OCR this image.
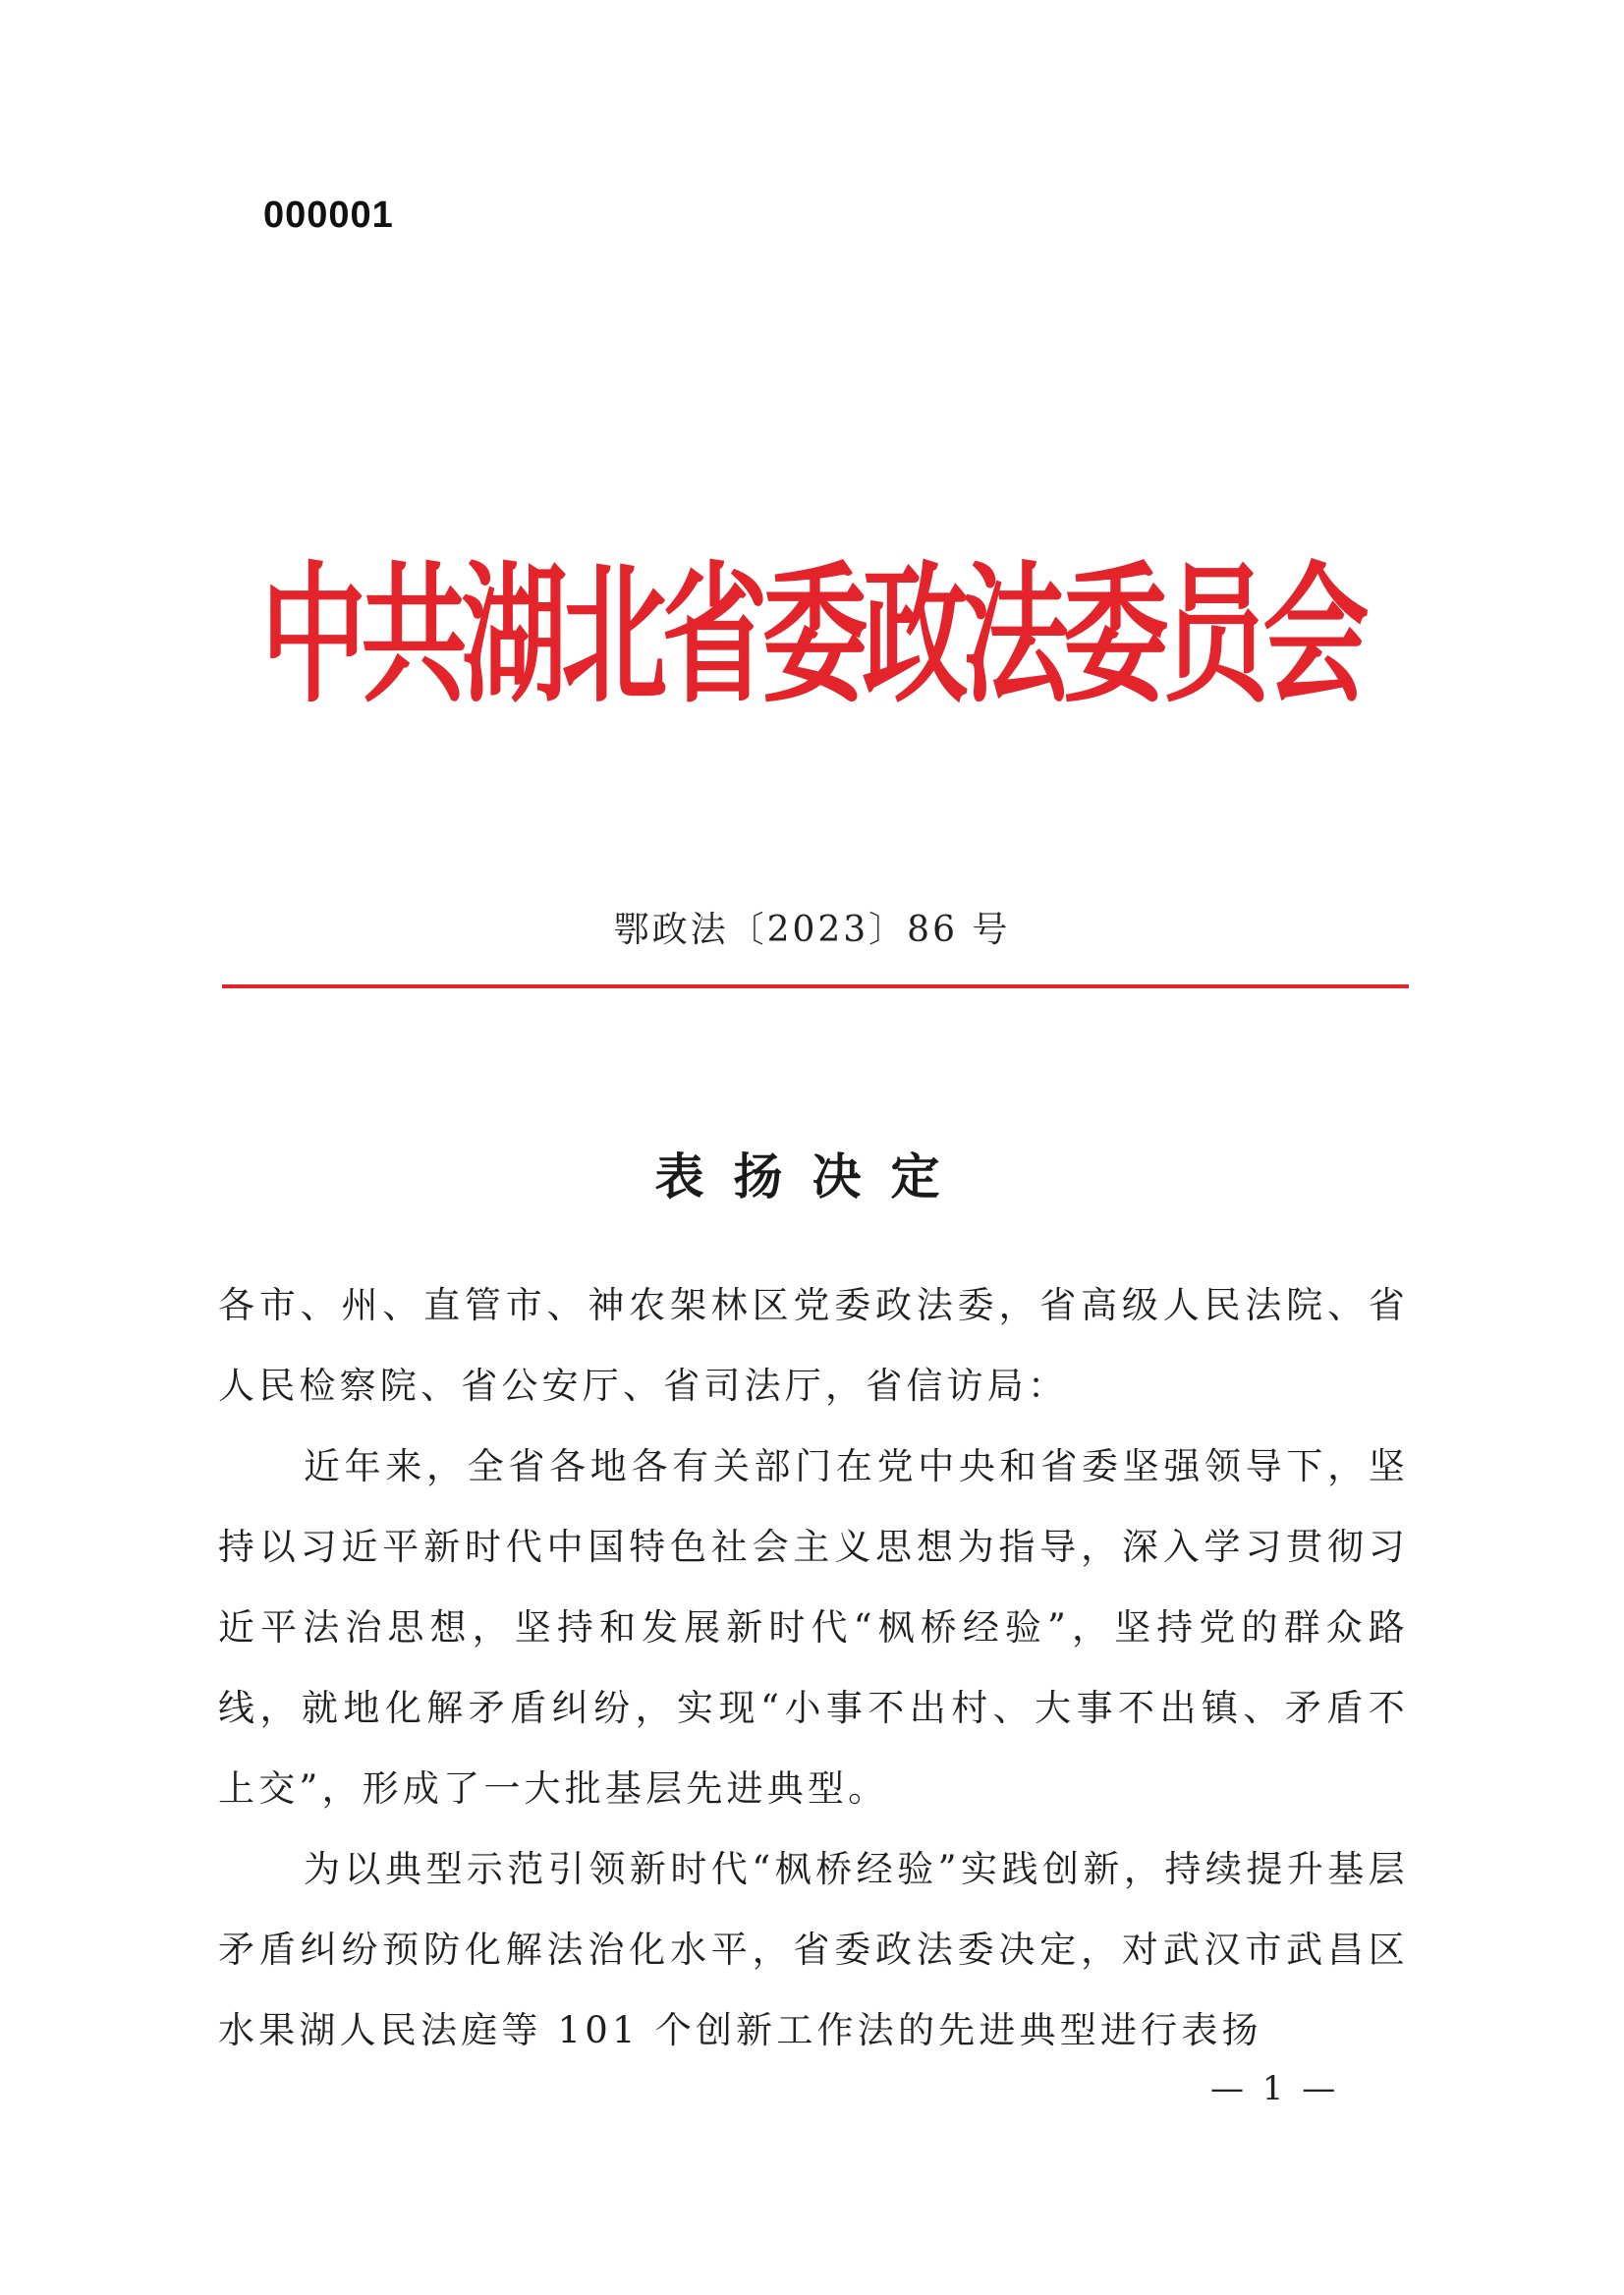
000001
中共湖北省委政法委员会
鄂政法〔2023〕86 号
表扬决定

各市、州、直管市、神农架林区党委政法委，省高级人民法院、省人民检察院、省公安厅、省司法厅，省信访局：

近年来，全省各地各有关部门在党中央和省委坚强领导下，坚持以习近平新时代中国特色社会主义思想为指导，深入学习贯彻习近平法治思想，坚持和发展新时代“枫桥经验”，坚持党的群众路线，就地化解矛盾纠纷，实现“小事不出村、大事不出镇、矛盾不上交”，形成了一大批基层先进典型。

为以典型示范引领新时代“枫桥经验”实践创新，持续提升基层矛盾纠纷预防化解法治化水平，省委政法委决定，对武汉市武昌区水果湖人民法庭等 101 个创新工作法的先进典型进行表扬

— 1 —
